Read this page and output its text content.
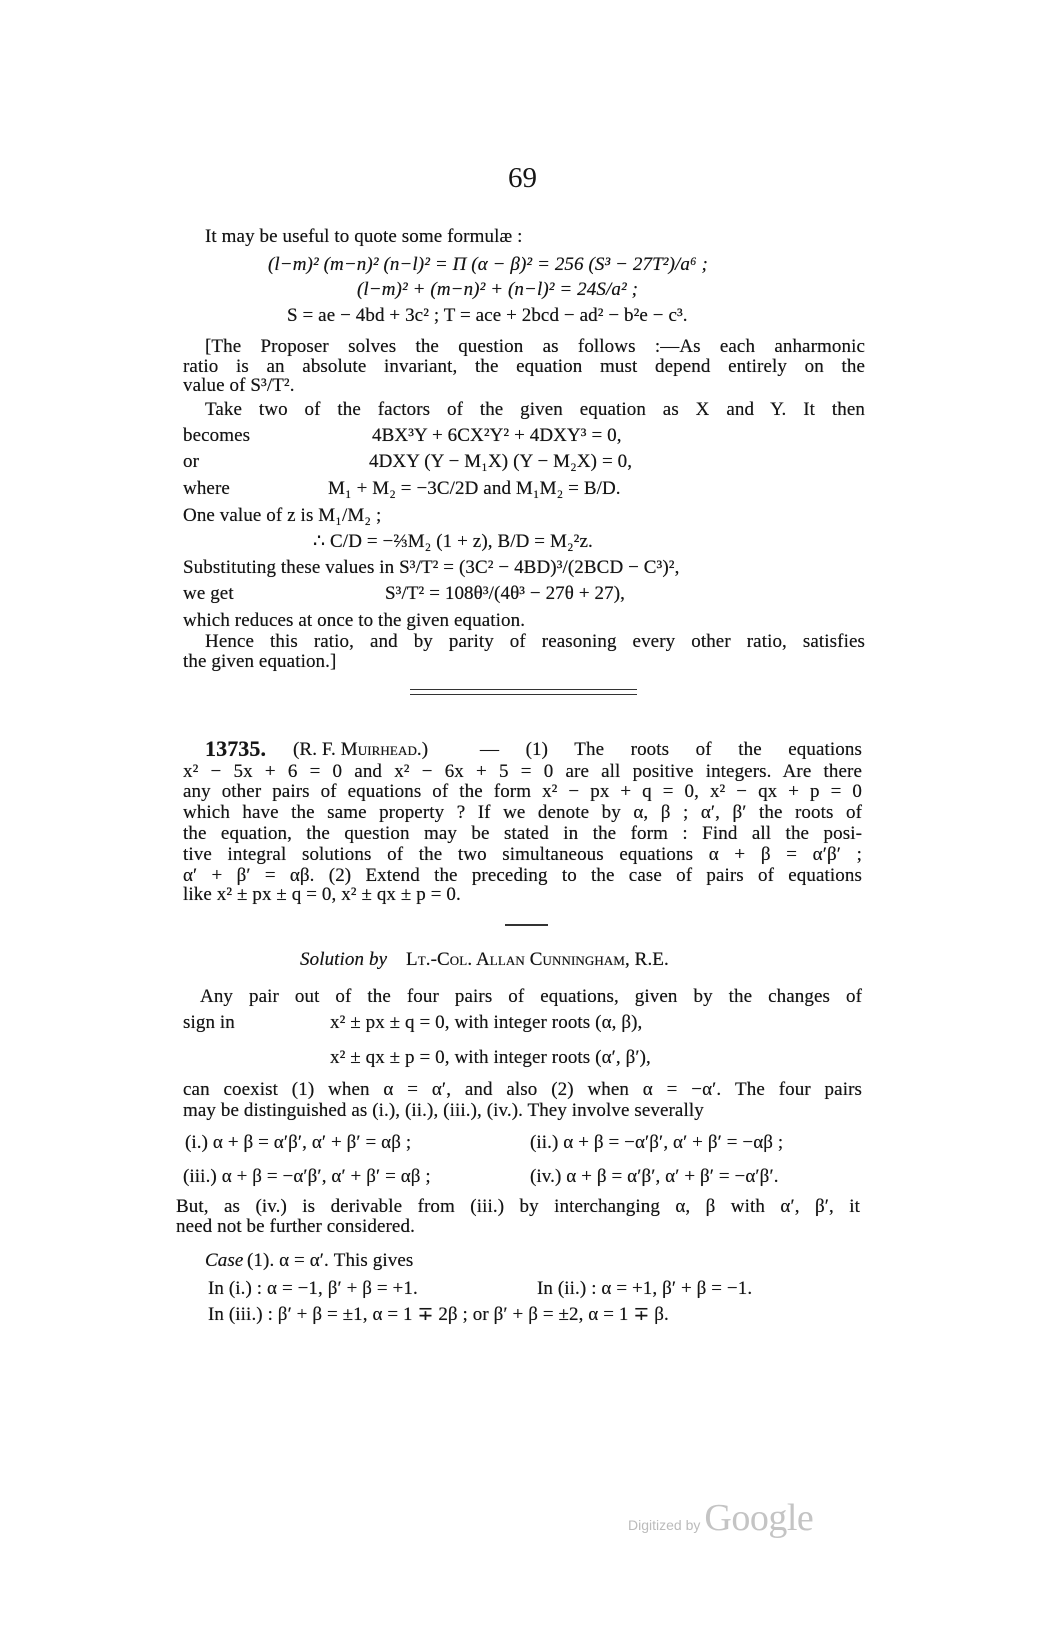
69
It may be useful to quote some formulæ :
(l−m)² (m−n)² (n−l)² = Π (α − β)² = 256 (S³ − 27T²)/a⁶ ;
(l−m)² + (m−n)² + (n−l)² = 24S/a² ;
S = ae − 4bd + 3c² ; T = ace + 2bcd − ad² − b²e − c³.
[The Proposer solves the question as follows :—As each anharmonic
ratio is an absolute invariant, the equation must depend entirely on the
value of S³/T².
Take two of the factors of the given equation as X and Y. It then
becomes	4BX³Y + 6CX²Y² + 4DXY³ = 0,
or	4DXY (Y − M₁X) (Y − M₂X) = 0,
where	M₁ + M₂ = −3C/2D and M₁M₂ = B/D.
One value of z is M₁/M₂ ;
∴ C/D = −⅔M₂ (1 + z), B/D = M₂²z.
Substituting these values in S³/T² = (3C² − 4BD)³/(2BCD − C³)²,
we get	S³/T² = 108θ³/(4θ³ − 27θ + 27),
which reduces at once to the given equation.
Hence this ratio, and by parity of reasoning every other ratio, satisfies
the given equation.]
13735. (R. F. Muirhead.)	— (1) The roots of the equations
x² − 5x + 6 = 0 and x² − 6x + 5 = 0 are all positive integers. Are there
any other pairs of equations of the form x² − px + q = 0, x² − qx + p = 0
which have the same property ? If we denote by α, β ; α′, β′ the roots of
the equation, the question may be stated in the form : Find all the posi-
tive integral solutions of the two simultaneous equations α + β = α′β′ ;
α′ + β′ = αβ. (2) Extend the preceding to the case of pairs of equations
like x² ± px ± q = 0, x² ± qx ± p = 0.
Solution by Lt.-Col. Allan Cunningham, R.E.
Any pair out of the four pairs of equations, given by the changes of
sign in	x² ± px ± q = 0, with integer roots (α, β),
x² ± qx ± p = 0, with integer roots (α′, β′),
can coexist (1) when α = α′, and also (2) when α = −α′. The four pairs
may be distinguished as (i.), (ii.), (iii.), (iv.). They involve severally
(i.) α + β = α′β′, α′ + β′ = αβ ;	(ii.) α + β = −α′β′, α′ + β′ = −αβ ;
(iii.) α + β = −α′β′, α′ + β′ = αβ ;	(iv.) α + β = α′β′, α′ + β′ = −α′β′.
But, as (iv.) is derivable from (iii.) by interchanging α, β with α′, β′, it
need not be further considered.
Case (1). α = α′. This gives
In (i.) : α = −1, β′ + β = +1.	In (ii.) : α = +1, β′ + β = −1.
In (iii.) : β′ + β = ±1, α = 1 ∓ 2β ; or β′ + β = ±2, α = 1 ∓ β.
Digitized by Google
